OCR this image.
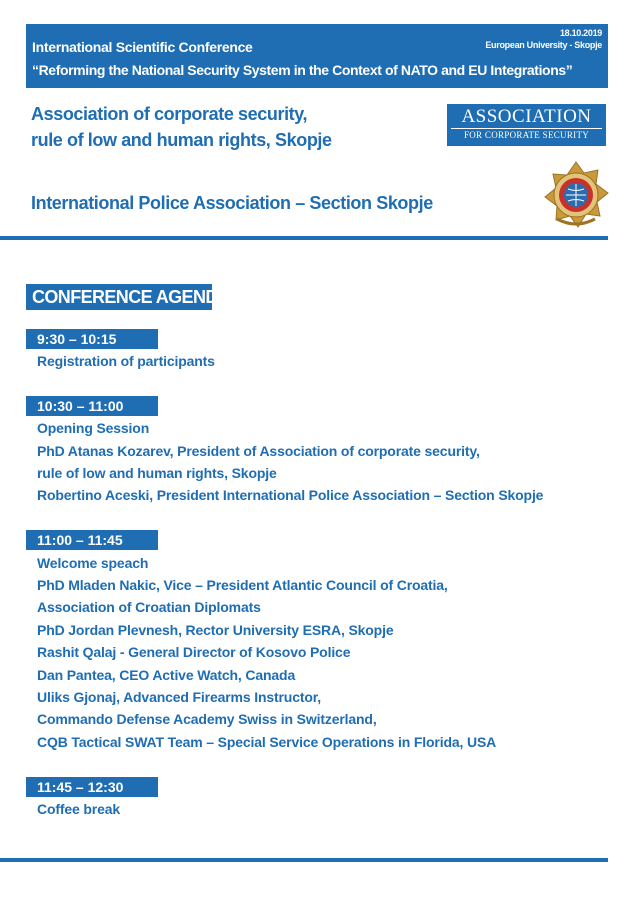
International Scientific Conference
“Reforming the National Security System in the Context of NATO and EU Integrations”
18.10.2019
European University - Skopje
Association of corporate security,
rule of low and human rights, Skopje
ASSOCIATION
FOR CORPORATE SECURITY
International Police Association – Section Skopje
CONFERENCE AGENDA
9:30 – 10:15
Registration of participants
10:30 – 11:00
Opening Session
PhD Atanas Kozarev, President of Association of corporate security,
rule of low and human rights, Skopje
Robertino Aceski, President International Police Association – Section Skopje
11:00 – 11:45
Welcome speach
PhD Mladen Nakic, Vice – President Atlantic Council of Croatia,
Association of Croatian Diplomats
PhD Jordan Plevnesh, Rector University ESRA, Skopje
Rashit Qalaj - General Director of Kosovo Police
Dan Pantea, CEO Active Watch, Canada
Uliks Gjonaj, Advanced Firearms Instructor,
Commando Defense Academy Swiss in Switzerland,
CQB Tactical SWAT Team – Special Service Operations in Florida, USA
11:45 – 12:30
Coffee break
